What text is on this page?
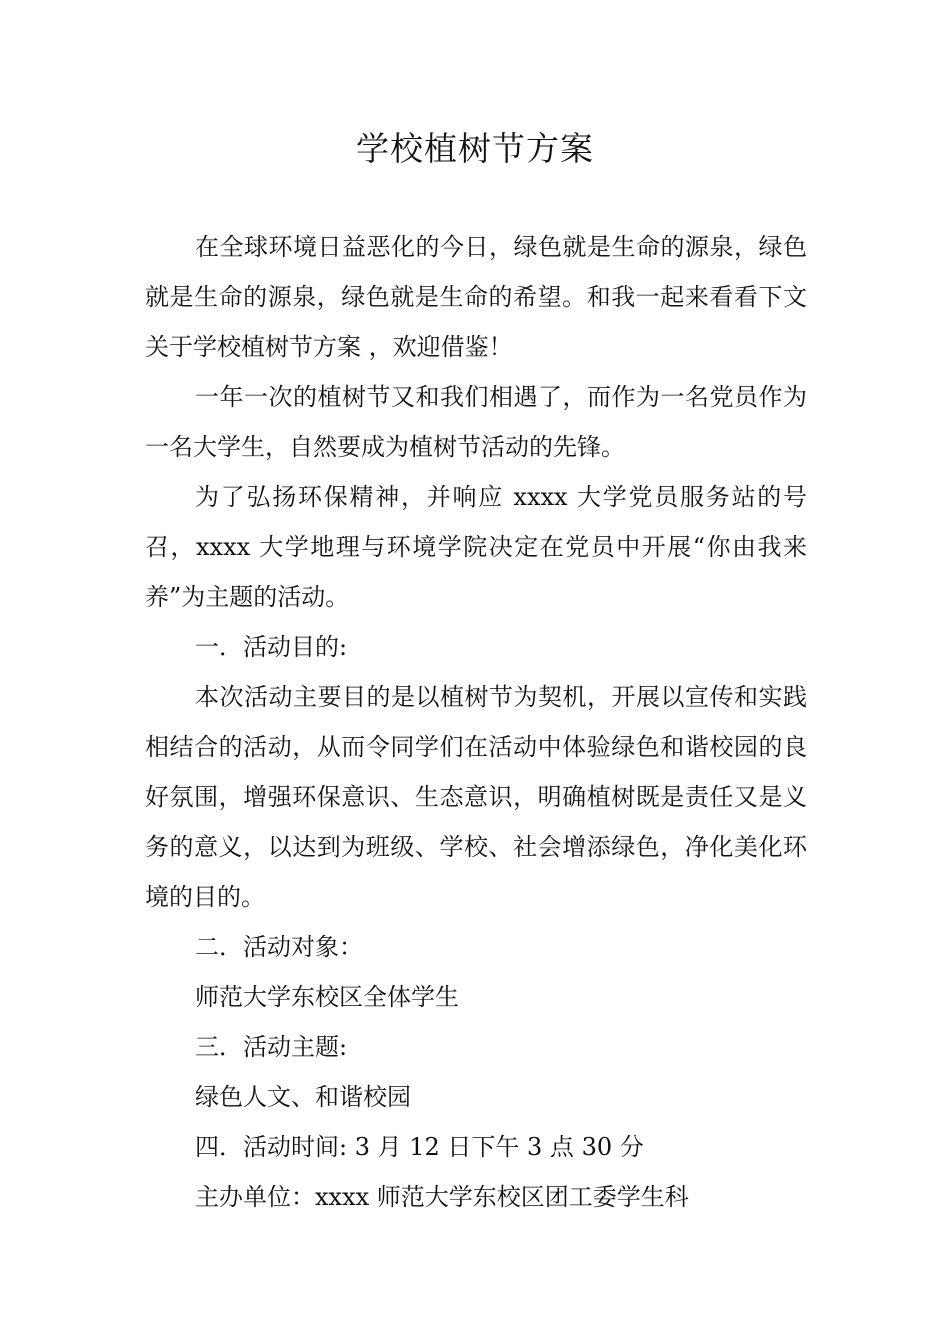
学校植树节方案

在全球环境日益恶化的今日，绿色就是生命的源泉，绿色就是生命的源泉，绿色就是生命的希望。和我一起来看看下文关于学校植树节方案 ，欢迎借鉴！

一年一次的植树节又和我们相遇了，而作为一名党员作为一名大学生，自然要成为植树节活动的先锋。

为了弘扬环保精神，并响应 xxxx 大学党员服务站的号召，xxxx 大学地理与环境学院决定在党员中开展“你由我来养”为主题的活动。

一．活动目的:

本次活动主要目的是以植树节为契机，开展以宣传和实践相结合的活动，从而令同学们在活动中体验绿色和谐校园的良好氛围，增强环保意识、生态意识，明确植树既是责任又是义务的意义，以达到为班级、学校、社会增添绿色，净化美化环境的目的。

二．活动对象：

师范大学东校区全体学生

三．活动主题:

绿色人文、和谐校园

四．活动时间: 3 月 12 日下午 3 点 30 分

主办单位：xxxx 师范大学东校区团工委学生科
